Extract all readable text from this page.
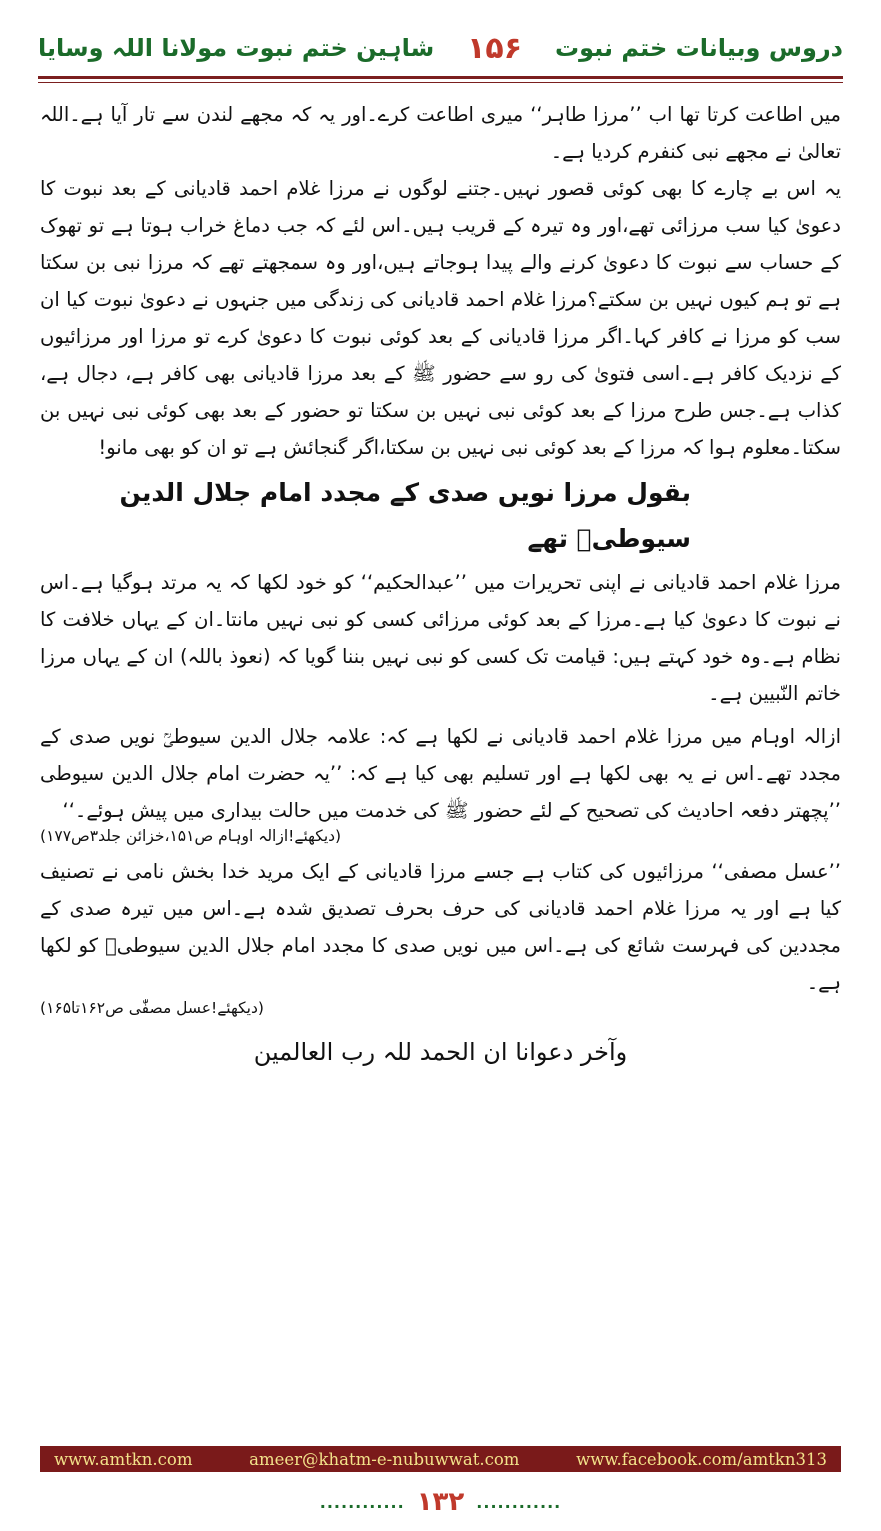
شاہین ختم نبوت مولانا اللہ وسایا ۱۵۶ دروس وبیانات ختم نبوت

میں اطاعت کرتا تھا اب ’’مرزا طاہر‘‘ میری اطاعت کرے۔اور یہ کہ مجھے لندن سے تار آیا ہے۔اللہ تعالیٰ نے مجھے نبی کنفرم کردیا ہے۔

یہ اس بے چارے کا بھی کوئی قصور نہیں۔جتنے لوگوں نے مرزا غلام احمد قادیانی کے بعد نبوت کا دعویٰ کیا سب مرزائی تھے،اور وہ تیرہ کے قریب ہیں۔اس لئے کہ جب دماغ خراب ہوتا ہے تو تھوک کے حساب سے نبوت کا دعویٰ کرنے والے پیدا ہوجاتے ہیں،اور وہ سمجھتے تھے کہ مرزا نبی بن سکتا ہے تو ہم کیوں نہیں بن سکتے؟مرزا غلام احمد قادیانی کی زندگی میں جنہوں نے دعویٰ نبوت کیا ان سب کو مرزا نے کافر کہا۔اگر مرزا قادیانی کے بعد کوئی نبوت کا دعویٰ کرے تو مرزا اور مرزائیوں کے نزدیک کافر ہے۔اسی فتویٰ کی رو سے حضور ﷺ کے بعد مرزا قادیانی بھی کافر ہے، دجال ہے، کذاب ہے۔جس طرح مرزا کے بعد کوئی نبی نہیں بن سکتا تو حضور کے بعد بھی کوئی نبی نہیں بن سکتا۔معلوم ہوا کہ مرزا کے بعد کوئی نبی نہیں بن سکتا،اگر گنجائش ہے تو ان کو بھی مانو!

بقول مرزا نویں صدی کے مجدد امام جلال الدین سیوطیؒ تھے

مرزا غلام احمد قادیانی نے اپنی تحریرات میں ’’عبدالحکیم‘‘ کو خود لکھا کہ یہ مرتد ہوگیا ہے۔اس نے نبوت کا دعویٰ کیا ہے۔مرزا کے بعد کوئی مرزائی کسی کو نبی نہیں مانتا۔ان کے یہاں خلافت کا نظام ہے۔وہ خود کہتے ہیں: قیامت تک کسی کو نبی نہیں بننا گویا کہ (نعوذ باللہ) ان کے یہاں مرزا خاتم النّبیین ہے۔

ازالہ اوہام میں مرزا غلام احمد قادیانی نے لکھا ہے کہ: علامہ جلال الدین سیوطیؒ نویں صدی کے مجدد تھے۔اس نے یہ بھی لکھا ہے اور تسلیم بھی کیا ہے کہ: ’’یہ حضرت امام جلال الدین سیوطی ’’پچھتر دفعہ احادیث کی تصحیح کے لئے حضور ﷺ کی خدمت میں حالت بیداری میں پیش ہوئے۔‘‘

(دیکھئے!ازالہ اوہام ص۱۵۱،خزائن جلد۳ص۱۷۷)

’’عسل مصفی‘‘ مرزائیوں کی کتاب ہے جسے مرزا قادیانی کے ایک مرید خدا بخش نامی نے تصنیف کیا ہے اور یہ مرزا غلام احمد قادیانی کی حرف بحرف تصدیق شدہ ہے۔اس میں تیرہ صدی کے مجددین کی فہرست شائع کی ہے۔اس میں نویں صدی کا مجدد امام جلال الدین سیوطیؒ کو لکھا ہے۔

(دیکھئے!عسل مصفّٰی ص۱۶۲تا۱۶۵)
وآخر دعوانا ان الحمد للہ رب العالمین
www.amtkn.com	ameer@khatm-e-nubuwwat.com	www.facebook.com/amtkn313
............ ۱۳۲ ............
